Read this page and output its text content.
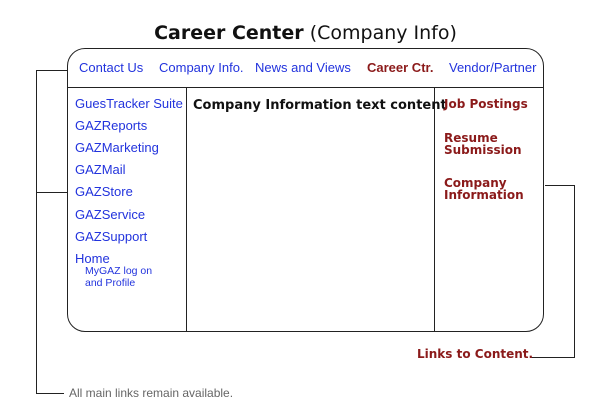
Career Center (Company Info)
Contact Us Company Info. News and Views Career Ctr. Vendor/Partner
GuesTracker Suite
GAZReports
GAZMarketing
GAZMail
GAZStore
GAZService
GAZSupport
Home
MyGAZ log on
and Profile
Company Information text content
Job Postings
Resume
Submission
Company
Information
Links to Content.
All main links remain available.
